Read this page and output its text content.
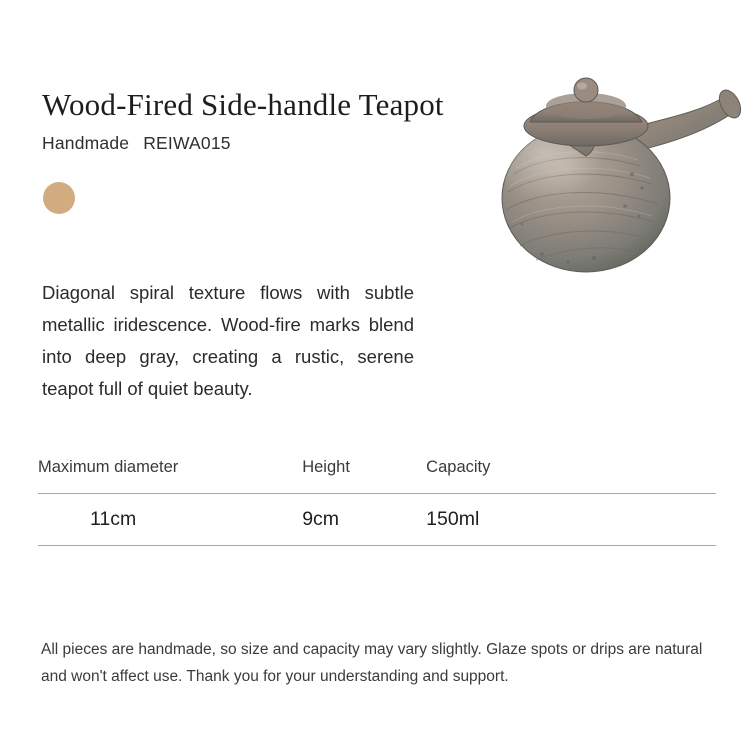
Wood-Fired Side-handle Teapot
Handmade REIWA015

Diagonal spiral texture flows with subtle metallic iridescence. Wood-fire marks blend into deep gray, creating a rustic, serene teapot full of quiet beauty.

Maximum diameter	Height	Capacity
11cm	9cm	150ml

All pieces are handmade, so size and capacity may vary slightly. Glaze spots or drips are natural and won't affect use. Thank you for your understanding and support.
